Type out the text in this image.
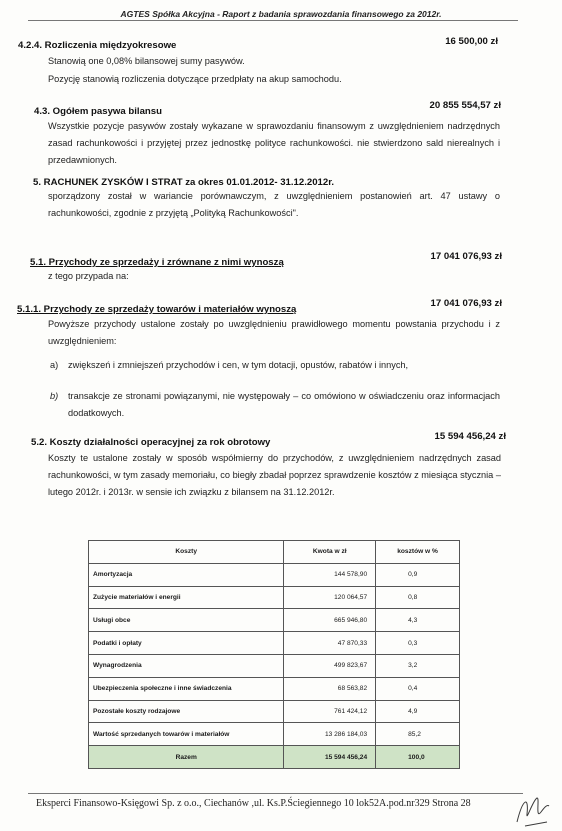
AGTES Spółka Akcyjna - Raport z badania sprawozdania finansowego za 2012r.
4.2.4. Rozliczenia międzyokresowe	16 500,00 zł
Stanowią one 0,08% bilansowej sumy pasywów.
Pozycję stanowią rozliczenia dotyczące przedpłaty na akup samochodu.
4.3. Ogółem pasywa bilansu
20 855 554,57 zł
Wszystkie pozycje pasywów zostały wykazane w sprawozdaniu finansowym z uwzględnieniem nadrzędnych zasad rachunkowości i przyjętej przez jednostkę polityce rachunkowości. nie stwierdzono sald nierealnych i przedawnionych.
5. RACHUNEK ZYSKÓW I STRAT za okres 01.01.2012- 31.12.2012r.
sporządzony został w wariancie porównawczym, z uwzględnieniem postanowień art. 47 ustawy o rachunkowości, zgodnie z przyjętą „Polityką Rachunkowości".
5.1. Przychody ze sprzedaży i zrównane z nimi wynoszą
17 041 076,93 zł
z tego przypada na:
5.1.1. Przychody ze sprzedaży towarów i materiałów wynoszą
17 041 076,93 zł
Powyższe przychody ustalone zostały po uwzględnieniu prawidłowego momentu powstania przychodu i z uwzględnieniem:
a) zwiększeń i zmniejszeń przychodów i cen, w tym dotacji, opustów, rabatów i innych,
b) transakcje ze stronami powiązanymi, nie występowały – co omówiono w oświadczeniu oraz informacjach dodatkowych.
5.2. Koszty działalności operacyjnej za rok obrotowy
15 594 456,24 zł
Koszty te ustalone zostały w sposób współmierny do przychodów, z uwzględnieniem nadrzędnych zasad rachunkowości, w tym zasady memoriału, co biegły zbadał poprzez sprawdzenie kosztów z miesiąca stycznia – lutego 2012r. i 2013r. w sensie ich związku z bilansem na 31.12.2012r.
Koszty	Kwota w zł	kosztów w %
Amortyzacja	144 578,90	0,9
Zużycie materiałów i energii	120 064,57	0,8
Usługi obce	665 946,80	4,3
Podatki i opłaty	47 870,33	0,3
Wynagrodzenia	499 823,67	3,2
Ubezpieczenia społeczne i inne świadczenia	68 563,82	0,4
Pozostałe koszty rodzajowe	761 424,12	4,9
Wartość sprzedanych towarów i materiałów	13 286 184,03	85,2
Razem	15 594 456,24	100,0
Eksperci Finansowo-Księgowi Sp. z o.o., Ciechanów ,ul. Ks.P.Ściegiennego 10 lok52A.pod.nr329 Strona 28
